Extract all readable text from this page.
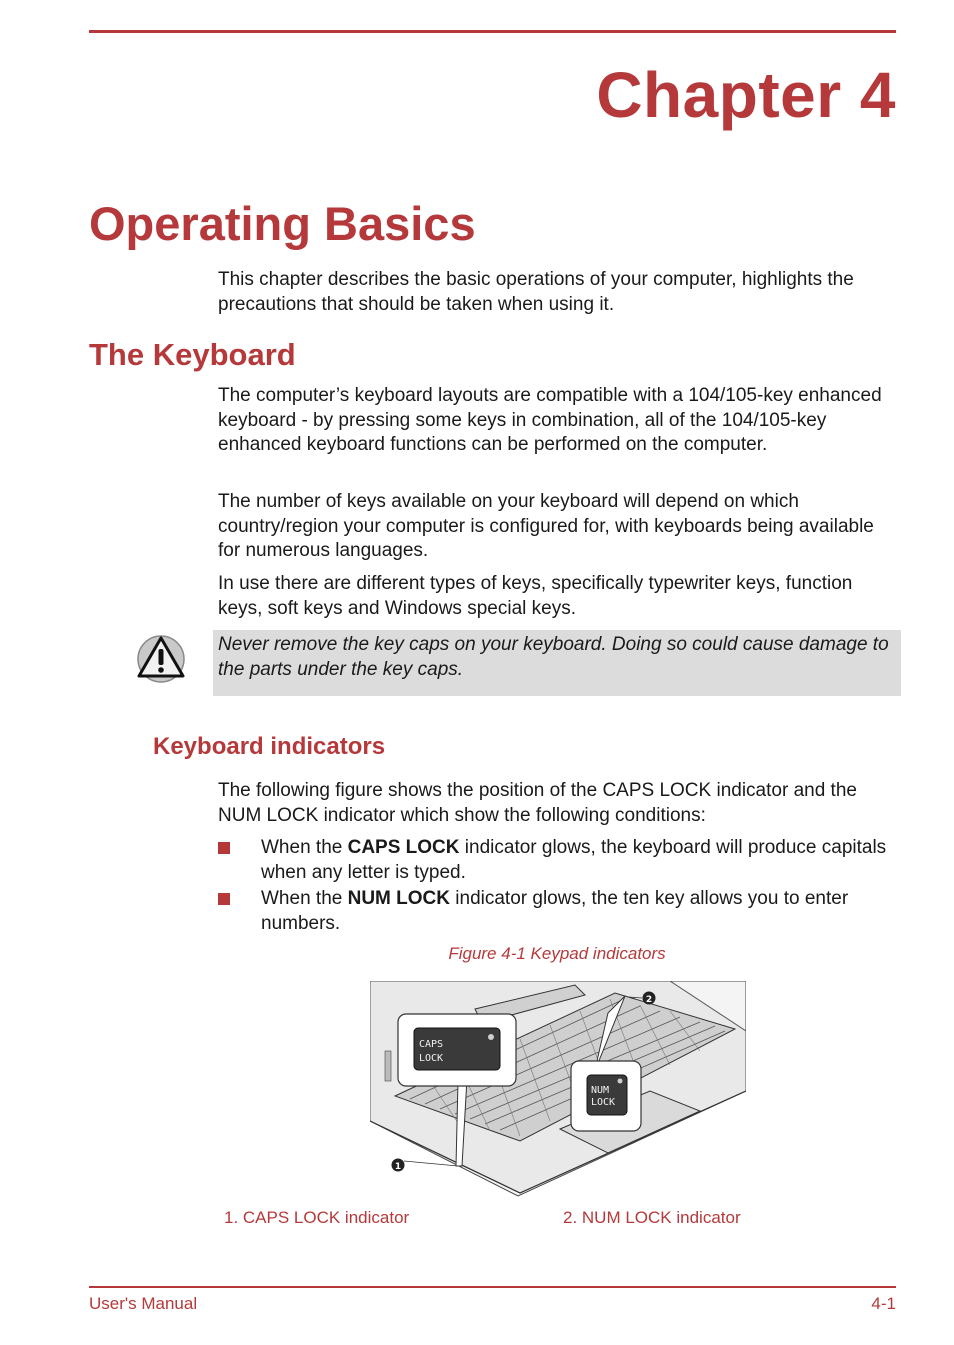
Chapter 4
Operating Basics

This chapter describes the basic operations of your computer, highlights the precautions that should be taken when using it.

The Keyboard

The computer’s keyboard layouts are compatible with a 104/105-key enhanced keyboard - by pressing some keys in combination, all of the 104/105-key enhanced keyboard functions can be performed on the computer.

The number of keys available on your keyboard will depend on which country/region your computer is configured for, with keyboards being available for numerous languages.

In use there are different types of keys, specifically typewriter keys, function keys, soft keys and Windows special keys.

Never remove the key caps on your keyboard. Doing so could cause damage to the parts under the key caps.

Keyboard indicators

The following figure shows the position of the CAPS LOCK indicator and the NUM LOCK indicator which show the following conditions:

When the CAPS LOCK indicator glows, the keyboard will produce capitals when any letter is typed.

When the NUM LOCK indicator glows, the ten key allows you to enter numbers.

Figure 4-1 Keypad indicators
CAPS
LOCK
NUM
LOCK
1
2
1. CAPS LOCK indicator	2. NUM LOCK indicator
User's Manual	4-1
